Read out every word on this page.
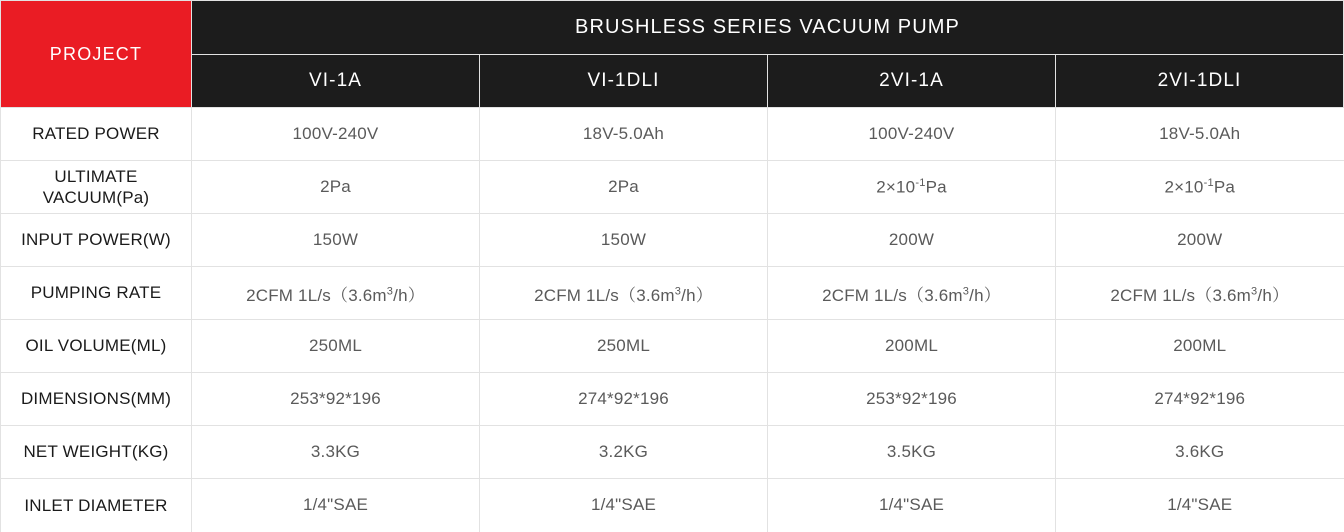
PROJECT	BRUSHLESS SERIES VACUUM PUMP			
	VI-1A	VI-1DLI	2VI-1A	2VI-1DLI
RATED POWER	100V-240V	18V-5.0Ah	100V-240V	18V-5.0Ah
ULTIMATE VACUUM(Pa)	2Pa	2Pa	$2\times 10^{-1}Pa$	$2\times 10^{-1}Pa$
INPUT POWER(W)	150W	150W	200W	200W
PUMPING RATE	2CFM $1L/s(3.6m^3/h)$	2CFM $1L/s(3.6m^3/h)$	2CFM $1L/s(3.6m^3/h)$	2CFM $1L/s(3.6m^3/h)$
OIL VOLUME(ML)	250ML	250ML	200ML	200ML
DIMENSIONS(MM)	253*92*196	274*92*196	253*92*196	274*92*196
NET WEIGHT(KG)	3.3KG	3.2KG	3.5KG	3.6KG
INLET DIAMETER	1/4"SAE	1/4"SAE	1/4"SAE	1/4"SAE
